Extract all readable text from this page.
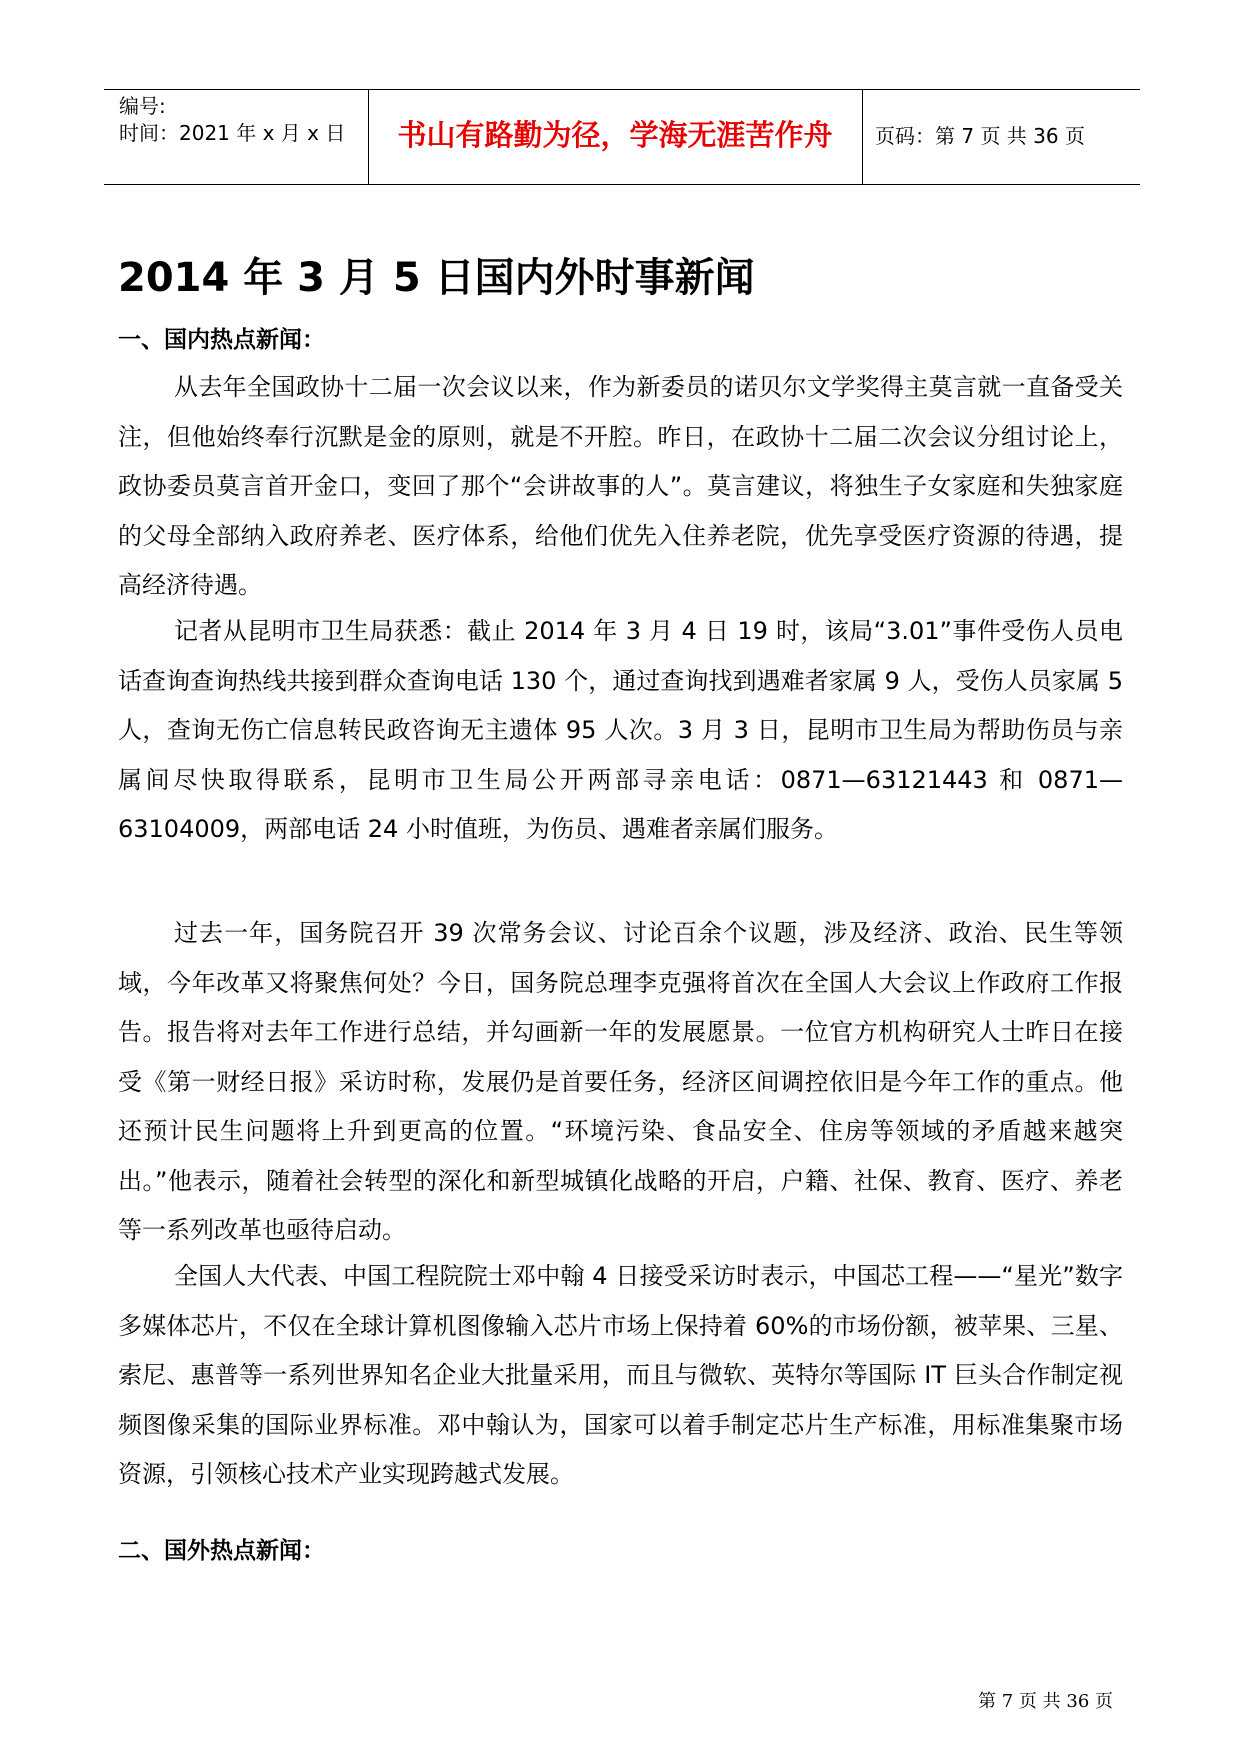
编号:
时间：2021 年 x 月 x 日	书山有路勤为径，学海无涯苦作舟	页码：第 7 页 共 36 页
2014 年 3 月 5 日国内外时事新闻
一、国内热点新闻：

从去年全国政协十二届一次会议以来，作为新委员的诺贝尔文学奖得主莫言就一直备受关注，但他始终奉行沉默是金的原则，就是不开腔。昨日，在政协十二届二次会议分组讨论上，政协委员莫言首开金口，变回了那个“会讲故事的人”。莫言建议，将独生子女家庭和失独家庭的父母全部纳入政府养老、医疗体系，给他们优先入住养老院，优先享受医疗资源的待遇，提高经济待遇。

记者从昆明市卫生局获悉：截止 2014 年 3 月 4 日 19 时，该局“3.01”事件受伤人员电话查询查询热线共接到群众查询电话 130 个，通过查询找到遇难者家属 9 人，受伤人员家属 5 人，查询无伤亡信息转民政咨询无主遗体 95 人次。3 月 3 日，昆明市卫生局为帮助伤员与亲属间尽快取得联系，昆明市卫生局公开两部寻亲电话：0871—63121443 和 0871—63104009，两部电话 24 小时值班，为伤员、遇难者亲属们服务。

过去一年，国务院召开 39 次常务会议、讨论百余个议题，涉及经济、政治、民生等领域，今年改革又将聚焦何处？今日，国务院总理李克强将首次在全国人大会议上作政府工作报告。报告将对去年工作进行总结，并勾画新一年的发展愿景。一位官方机构研究人士昨日在接受《第一财经日报》采访时称，发展仍是首要任务，经济区间调控依旧是今年工作的重点。他还预计民生问题将上升到更高的位置。“环境污染、食品安全、住房等领域的矛盾越来越突出。”他表示，随着社会转型的深化和新型城镇化战略的开启，户籍、社保、教育、医疗、养老等一系列改革也亟待启动。

全国人大代表、中国工程院院士邓中翰 4 日接受采访时表示，中国芯工程——“星光”数字多媒体芯片，不仅在全球计算机图像输入芯片市场上保持着 60%的市场份额，被苹果、三星、索尼、惠普等一系列世界知名企业大批量采用，而且与微软、英特尔等国际 IT 巨头合作制定视频图像采集的国际业界标准。邓中翰认为，国家可以着手制定芯片生产标准，用标准集聚市场资源，引领核心技术产业实现跨越式发展。

二、国外热点新闻：
第 7 页 共 36 页
